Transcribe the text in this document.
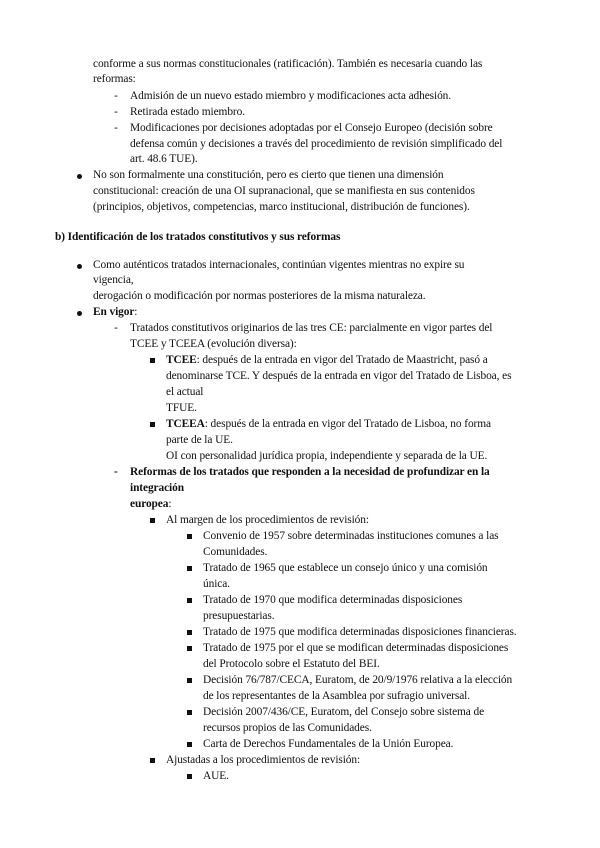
conforme a sus normas constitucionales (ratificación). También es necesaria cuando las
reformas:
- Admisión de un nuevo estado miembro y modificaciones acta adhesión.
- Retirada estado miembro.
- Modificaciones por decisiones adoptadas por el Consejo Europeo (decisión sobre
defensa común y decisiones a través del procedimiento de revisión simplificado del
art. 48.6 TUE).
No son formalmente una constitución, pero es cierto que tienen una dimensión
constitucional: creación de una OI supranacional, que se manifiesta en sus contenidos
(principios, objetivos, competencias, marco institucional, distribución de funciones).
b) Identificación de los tratados constitutivos y sus reformas
Como auténticos tratados internacionales, continúan vigentes mientras no expire su
vigencia,
derogación o modificación por normas posteriores de la misma naturaleza.
En vigor:
- Tratados constitutivos originarios de las tres CE: parcialmente en vigor partes del
TCEE y TCEEA (evolución diversa):
TCEE: después de la entrada en vigor del Tratado de Maastricht, pasó a
denominarse TCE. Y después de la entrada en vigor del Tratado de Lisboa, es
el actual
TFUE.
TCEEA: después de la entrada en vigor del Tratado de Lisboa, no forma
parte de la UE.
OI con personalidad jurídica propia, independiente y separada de la UE.
- Reformas de los tratados que responden a la necesidad de profundizar en la
integración
europea:
Al margen de los procedimientos de revisión:
Convenio de 1957 sobre determinadas instituciones comunes a las
Comunidades.
Tratado de 1965 que establece un consejo único y una comisión
única.
Tratado de 1970 que modifica determinadas disposiciones
presupuestarias.
Tratado de 1975 que modifica determinadas disposiciones financieras.
Tratado de 1975 por el que se modifican determinadas disposiciones
del Protocolo sobre el Estatuto del BEI.
Decisión 76/787/CECA, Euratom, de 20/9/1976 relativa a la elección
de los representantes de la Asamblea por sufragio universal.
Decisión 2007/436/CE, Euratom, del Consejo sobre sistema de
recursos propios de las Comunidades.
Carta de Derechos Fundamentales de la Unión Europea.
Ajustadas a los procedimientos de revisión:
AUE.
